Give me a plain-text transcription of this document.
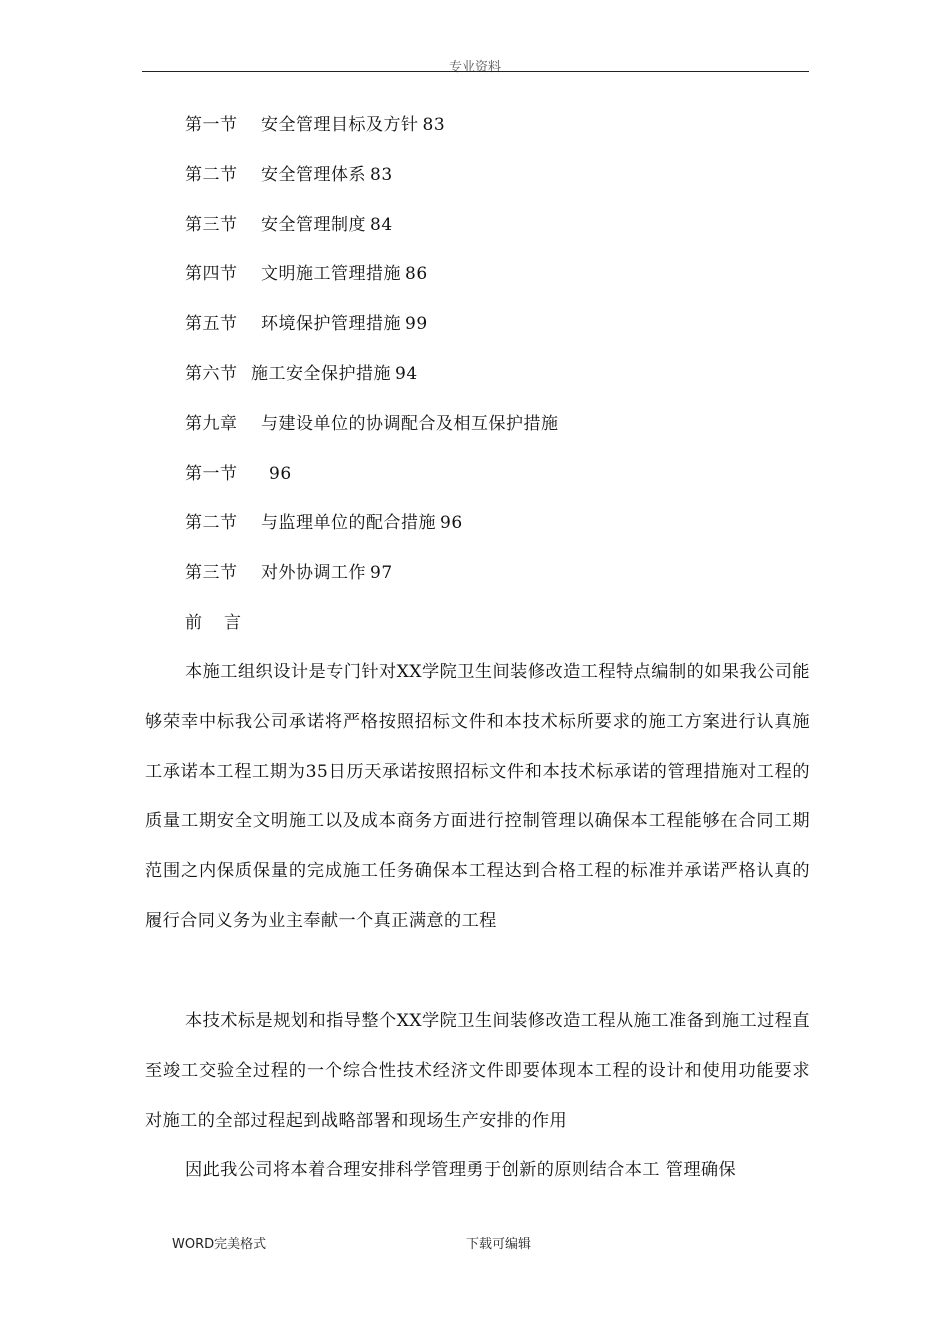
专业资料
第一节 安全管理目标及方针 83
第二节 安全管理体系 83
第三节 安全管理制度 84
第四节 文明施工管理措施 86
第五节 环境保护管理措施 99
第六节 施工安全保护措施 94
第九章 与建设单位的协调配合及相互保护措施
第一节 96
第二节 与监理单位的配合措施 96
第三节 对外协调工作 97
前言

本施工组织设计是专门针对XX学院卫生间装修改造工程特点编制的如果我公司能够荣幸中标我公司承诺将严格按照招标文件和本技术标所要求的施工方案进行认真施工承诺本工程工期为35日历天承诺按照招标文件和本技术标承诺的管理措施对工程的质量工期安全文明施工以及成本商务方面进行控制管理以确保本工程能够在合同工期范围之内保质保量的完成施工任务确保本工程达到合格工程的标准并承诺严格认真的履行合同义务为业主奉献一个真正满意的工程

本技术标是规划和指导整个XX学院卫生间装修改造工程从施工准备到施工过程直至竣工交验全过程的一个综合性技术经济文件即要体现本工程的设计和使用功能要求对施工的全部过程起到战略部署和现场生产安排的作用

因此我公司将本着合理安排科学管理勇于创新的原则结合本工 管理确保

WORD完美格式	下载可编辑
